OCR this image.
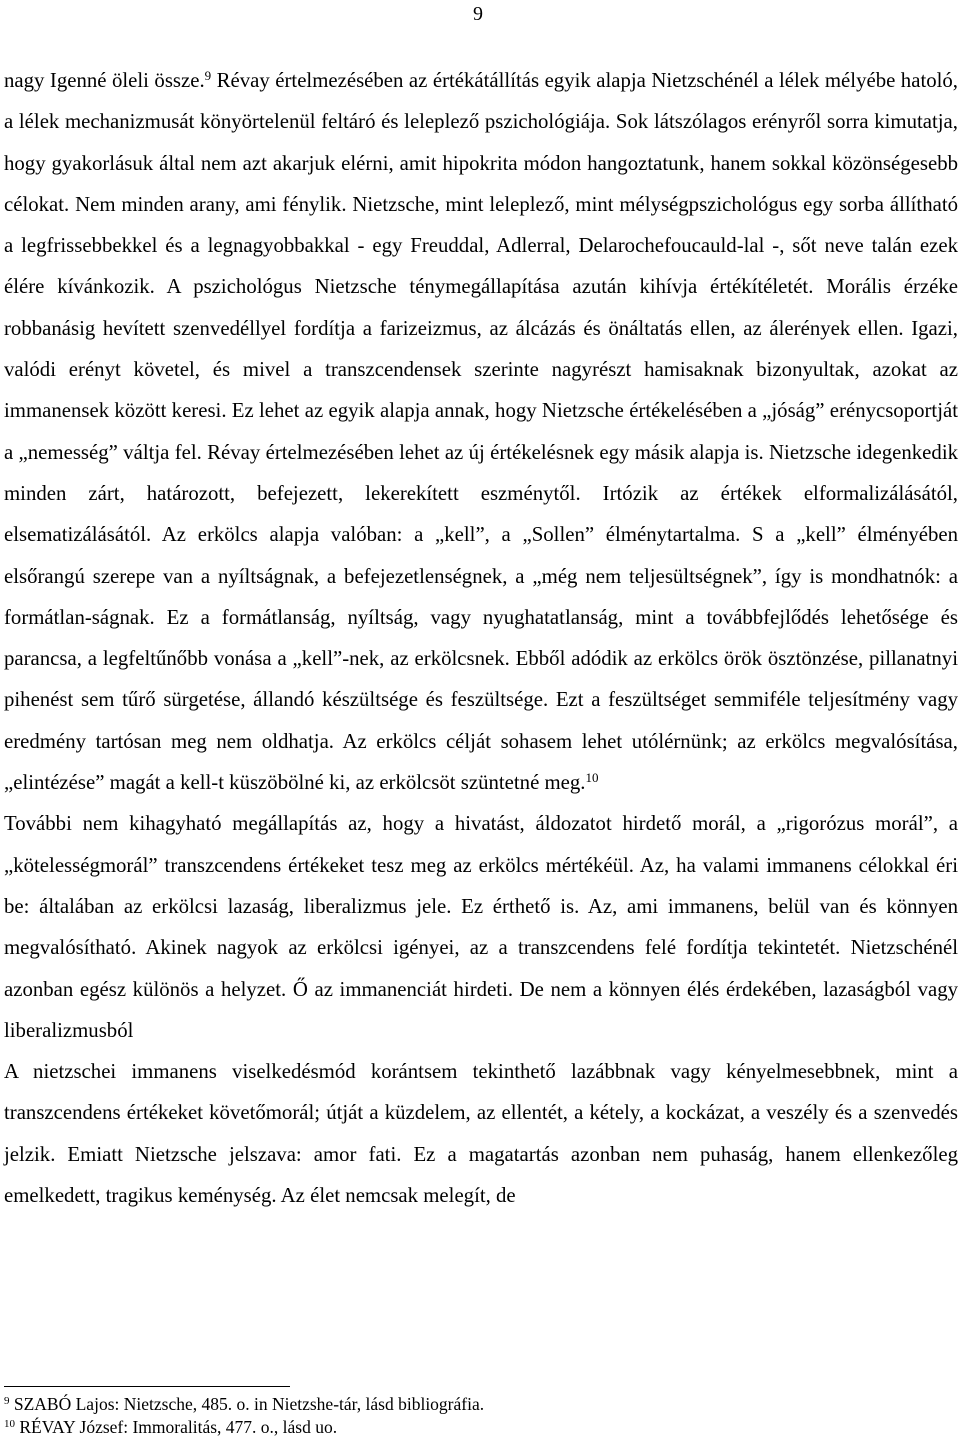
9

nagy Igenné öleli össze.$^9$ Révay értelmezésében az értékátállítás egyik alapja Nietzschénél a lélek mélyébe hatoló, a lélek mechanizmusát könyörtelenül feltáró és leleplező pszichológiája. Sok látszólagos erényről sorra kimutatja, hogy gyakorlásuk által nem azt akarjuk elérni, amit hipokrita módon hangoztatunk, hanem sokkal közönségesebb célokat. Nem minden arany, ami fénylik. Nietzsche, mint leleplező, mint mélységpszichológus egy sorba állítható a legfrissebbekkel és a legnagyobbakkal - egy Freuddal, Adlerral, Delarochefoucauld-lal -, sőt neve talán ezek élére kívánkozik. A pszichológus Nietzsche ténymegállapítása azután kihívja értékítéletét. Morális érzéke robbanásig hevített szenvedéllyel fordítja a farizeizmus, az álcázás és önáltatás ellen, az álerények ellen. Igazi, valódi erényt követel, és mivel a transzcendensek szerinte nagyrészt hamisaknak bizonyultak, azokat az immanensek között keresi. Ez lehet az egyik alapja annak, hogy Nietzsche értékelésében a „jóság” erénycsoportját a „nemesség” váltja fel. Révay értelmezésében lehet az új értékelésnek egy másik alapja is. Nietzsche idegenkedik minden zárt, határozott, befejezett, lekerekített eszménytől. Irtózik az értékek elformalizálásától, elsematizálásától. Az erkölcs alapja valóban: a „kell”, a „Sollen” élménytartalma. S a „kell” élményében elsőrangú szerepe van a nyíltságnak, a befejezetlenségnek, a „még nem teljesültségnek”, így is mondhatnók: a formátlan-ságnak. Ez a formátlanság, nyíltság, vagy nyughatatlanság, mint a továbbfejlődés lehetősége és parancsa, a legfeltűnőbb vonása a „kell”-nek, az erkölcsnek. Ebből adódik az erkölcs örök ösztönzése, pillanatnyi pihenést sem tűrő sürgetése, állandó készültsége és feszültsége. Ezt a feszültséget semmiféle teljesítmény vagy eredmény tartósan meg nem oldhatja. Az erkölcs célját sohasem lehet utólérnünk; az erkölcs megvalósítása, „elintézése” magát a kell-t küszöbölné ki, az erkölcsöt szüntetné meg.$^{10}$

További nem kihagyható megállapítás az, hogy a hivatást, áldozatot hirdető morál, a „rigorózus morál”, a „kötelességmorál” transzcendens értékeket tesz meg az erkölcs mértékéül. Az, ha valami immanens célokkal éri be: általában az erkölcsi lazaság, liberalizmus jele. Ez érthető is. Az, ami immanens, belül van és könnyen megvalósítható. Akinek nagyok az erkölcsi igényei, az a transzcendens felé fordítja tekintetét. Nietzschénél azonban egész különös a helyzet. Ő az immanenciát hirdeti. De nem a könnyen élés érdekében, lazaságból vagy liberalizmusból

A nietzschei immanens viselkedésmód korántsem tekinthető lazábbnak vagy kényelmesebbnek, mint a transzcendens értékeket követőmorál; útját a küzdelem, az ellentét, a kétely, a kockázat, a veszély és a szenvedés jelzik. Emiatt Nietzsche jelszava: amor fati. Ez a magatartás azonban nem puhaság, hanem ellenkezőleg emelkedett, tragikus keménység. Az élet nemcsak melegít, de

$^9$ SZABÓ Lajos: Nietzsche, 485. o. in Nietzshe-tár, lásd bibliográfia.
$^{10}$ RÉVAY József: Immoralitás, 477. o., lásd uo.
